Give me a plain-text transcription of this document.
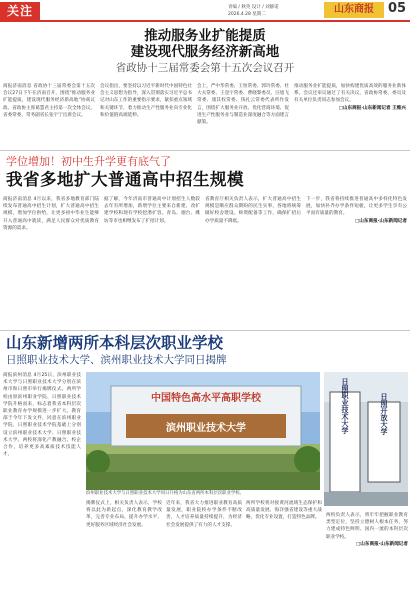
关注	青编 / 秋英 设计 / 刘静诺
2026.4.28 星期二	山东商报	05
推动服务业扩能提质
建设现代服务经济新高地
省政协十三届常委会第十五次会议召开
商报济南消息 省政协十三届常委会第十五次会议27日下午在济南召开，围绕“推动服务业扩能提质，建设现代服务经济新高地”协商议政。省政协主席葛慧君主持第一次全体会议。省委常委、常务副省长张宇宁出席会议。
会议指出，要坚持以习近平新时代中国特色社会主义思想为指导，深入贯彻落实习近平总书记对山东工作的重要指示要求，紧扣重点领域和关键环节，着力推动生产性服务业向专业化和价值链高端延伸。
会上，严中华常委、王恒常委、郭玲常委、杜大夫常委、王登宇常委、曹晓黎委员、汪旭飞常委、康其权常委、钱礼云常委代表所作发言，围绕扩大服务业开放、优化营商环境、促进生产性服务业与制造业深度融合等方面建言献策。
推动服务业扩能提质，加快构建优质高效的服务业新体系。会议还审议通过了有关决议，省政协常委、委员及有关单位负责同志参加会议。
□山东商报·山东新闻记者 王维兴
学位增加！初中生升学更有底气了
我省多地扩大普通高中招生规模
商报济南消息 4月以来，我省多地教育部门陆续发布普通高中招生计划，扩大普通高中招生规模，增加学位供给，让更多初中毕业生能够升入普通高中就读，满足人民群众对优质教育资源的需求。
据了解，今年济南市普通高中计划招生人数较去年有所增加，新增学位主要来自新建、改扩建学校和现有学校挖潜扩容。青岛、烟台、潍坊等市也相继发布了扩招计划。
省教育厅相关负责人表示，扩大普通高中招生规模是顺应群众期盼的民生实事，各地将统筹做好校舍建设、师资配备等工作，确保扩招后办学质量不降低。
下一步，我省将持续推进普通高中多样化特色发展，加快补齐办学条件短板，让更多学生享有公平而有质量的教育。
□山东商报·山东新闻记者
山东新增两所本科层次职业学校
日照职业技术大学、滨州职业技术大学同日揭牌
商报滨州消息 4月25日，滨州职业技术大学与日照职业技术大学分别在滨州市和日照市举行揭牌仪式。两所学校由原滨州职业学院、日照职业技术学院升格而来，标志着我省本科层次职业教育办学规模进一步扩大。教育部于今年下发文件，同意在滨州职业学院、日照职业技术学院基础上分别设立滨州职业技术大学、日照职业技术大学。两校将深化产教融合、校企合作，培养更多高素质技术技能人才。
中国特色高水平高职学校
滨州职业技术大学
滨州职业技术大学与日照职业技术大学同日升格为山东省两所本科层次职业学校。
日照职业技术大学	日照开放大学
揭牌仪式上，相关负责人表示，学校将以此为新起点，深化教育教学改革，完善专业布局，提升办学水平，更好服务区域经济社会发展。
近年来，我省大力推进职业教育高质量发展，职业院校办学条件不断改善，人才培养质量持续提升，为经济社会发展提供了有力的人才支撑。
两所学校将对接黄河流域生态保护和高质量发展、海洋强省建设等重大战略，优化专业设置，打造特色品牌。	两校负责人表示，将牢牢把握职业教育类型定位，坚持立德树人根本任务，努力建成特色鲜明、国内一流的本科层次职业学校。
□山东商报·山东新闻记者
